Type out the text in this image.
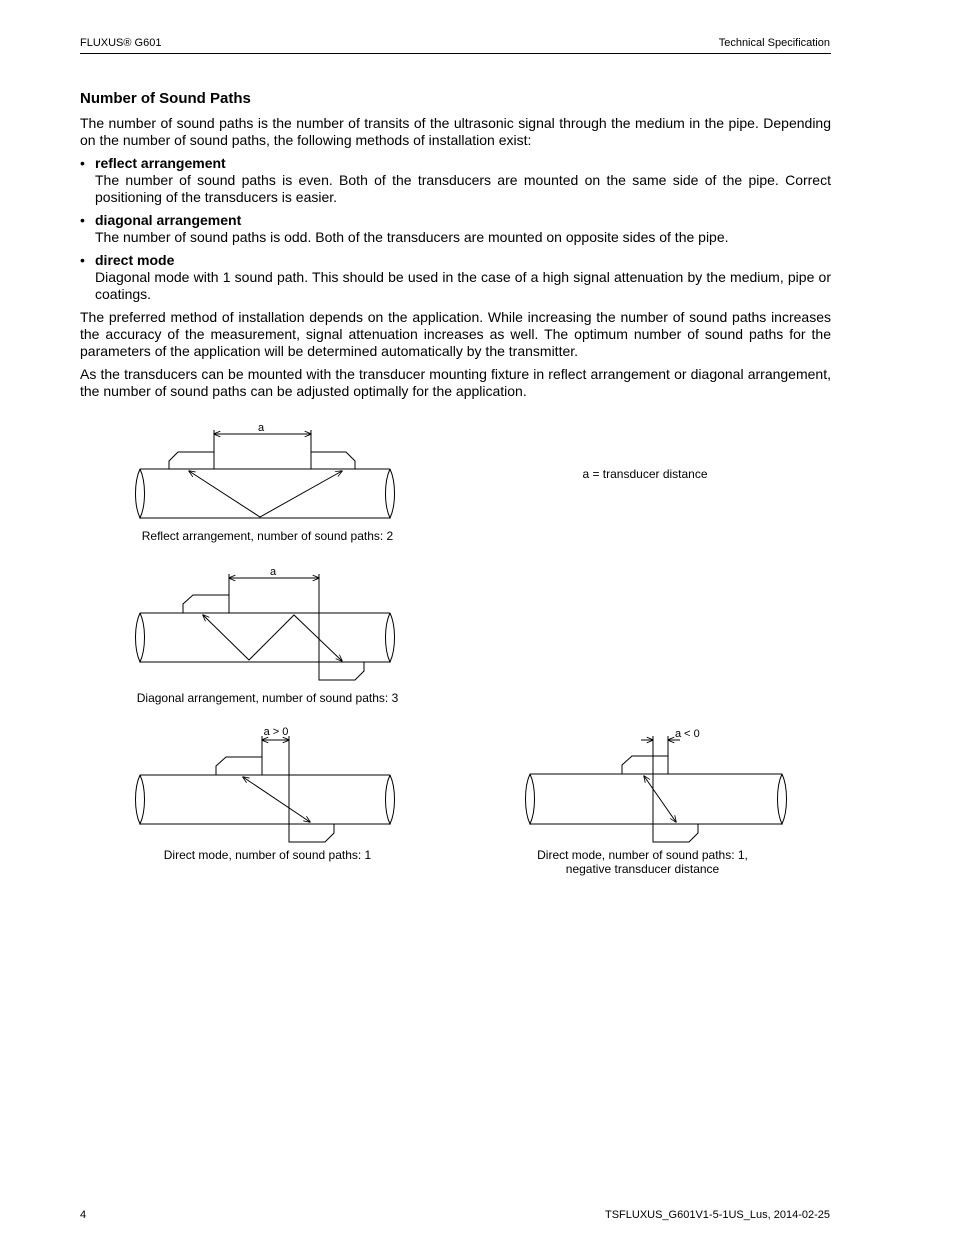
FLUXUS® G601	Technical Specification
Number of Sound Paths

The number of sound paths is the number of transits of the ultrasonic signal through the medium in the pipe. Depending on the number of sound paths, the following methods of installation exist:

• reflect arrangement
The number of sound paths is even. Both of the transducers are mounted on the same side of the pipe. Correct positioning of the transducers is easier.
• diagonal arrangement
The number of sound paths is odd. Both of the transducers are mounted on opposite sides of the pipe.
• direct mode
Diagonal mode with 1 sound path. This should be used in the case of a high signal attenuation by the medium, pipe or coatings.

The preferred method of installation depends on the application. While increasing the number of sound paths increases the accuracy of the measurement, signal attenuation increases as well. The optimum number of sound paths for the parameters of the application will be determined automatically by the transmitter.

As the transducers can be mounted with the transducer mounting fixture in reflect arrangement or diagonal arrangement, the number of sound paths can be adjusted optimally for the application.

a
a
a > 0	a < 0
a = transducer distance
Reflect arrangement, number of sound paths: 2
Diagonal arrangement, number of sound paths: 3
Direct mode, number of sound paths: 1	Direct mode, number of sound paths: 1,
negative transducer distance
4	TSFLUXUS_G601V1-5-1US_Lus, 2014-02-25
